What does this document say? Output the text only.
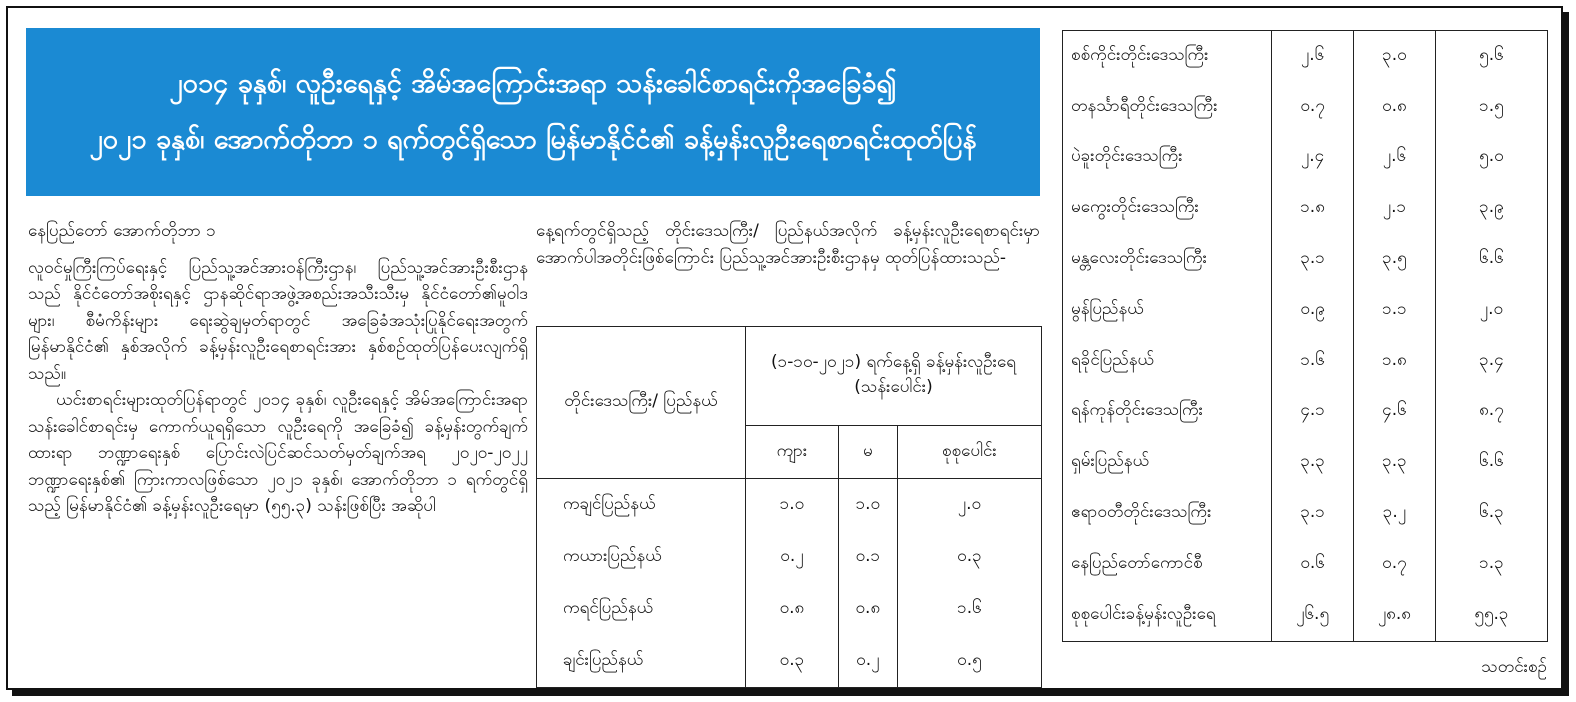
၂၀၁၄ ခုနှစ်၊ လူဦးရေနှင့် အိမ်အကြောင်းအရာ သန်းခေါင်စာရင်းကိုအခြေခံ၍
၂၀၂၁ ခုနှစ်၊ အောက်တိုဘာ ၁ ရက်တွင်ရှိသော မြန်မာနိုင်ငံ၏ ခန့်မှန်းလူဦးရေစာရင်းထုတ်ပြန်

နေပြည်တော် အောက်တိုဘာ ၁

လူဝင်မှုကြီးကြပ်ရေးနှင့် ပြည်သူ့အင်အားဝန်ကြီးဌာန၊ ပြည်သူ့အင်အားဦးစီးဌာနသည် နိုင်ငံတော်အစိုးရနှင့် ဌာနဆိုင်ရာအဖွဲ့အစည်းအသီးသီးမှ နိုင်ငံတော်၏မူဝါဒများ၊ စီမံကိန်းများ ရေးဆွဲချမှတ်ရာတွင် အခြေခံအသုံးပြုနိုင်ရေးအတွက် မြန်မာနိုင်ငံ၏ နှစ်အလိုက် ခန့်မှန်းလူဦးရေစာရင်းအား နှစ်စဉ်ထုတ်ပြန်ပေးလျက်ရှိသည်။

ယင်းစာရင်းများထုတ်ပြန်ရာတွင် ၂၀၁၄ ခုနှစ်၊ လူဦးရေနှင့် အိမ်အကြောင်းအရာသန်းခေါင်စာရင်းမှ ကောက်ယူရရှိသော လူဦးရေကို အခြေခံ၍ ခန့်မှန်းတွက်ချက်ထားရာ ဘဏ္ဍာရေးနှစ် ပြောင်းလဲပြင်ဆင်သတ်မှတ်ချက်အရ ၂၀၂၀-၂၀၂၂ ဘဏ္ဍာရေးနှစ်၏ ကြားကာလဖြစ်သော ၂၀၂၁ ခုနှစ်၊ အောက်တိုဘာ ၁ ရက်တွင်ရှိသည့် မြန်မာနိုင်ငံ၏ ခန့်မှန်းလူဦးရေမှာ (၅၅.၃) သန်းဖြစ်ပြီး အဆိုပါ

နေ့ရက်တွင်ရှိသည့် တိုင်းဒေသကြီး/ ပြည်နယ်အလိုက် ခန့်မှန်းလူဦးရေစာရင်းမှာ အောက်ပါအတိုင်းဖြစ်ကြောင်း ပြည်သူ့အင်အားဦးစီးဌာနမှ ထုတ်ပြန်ထားသည်-
တိုင်းဒေသကြီး/ ပြည်နယ်	(၁-၁၀-၂၀၂၁) ရက်နေ့ရှိ ခန့်မှန်းလူဦးရေ (သန်းပေါင်း)		
	ကျား	မ	စုစုပေါင်း
ကချင်ပြည်နယ်	၁.၀	၁.၀	၂.၀
ကယားပြည်နယ်	၀.၂	၀.၁	၀.၃
ကရင်ပြည်နယ်	၀.၈	၀.၈	၁.၆
ချင်းပြည်နယ်	၀.၃	၀.၂	၀.၅
စစ်ကိုင်းတိုင်းဒေသကြီး	၂.၆	၃.၀	၅.၆
တနင်္သာရီတိုင်းဒေသကြီး	၀.၇	၀.၈	၁.၅
ပဲခူးတိုင်းဒေသကြီး	၂.၄	၂.၆	၅.၀
မကွေးတိုင်းဒေသကြီး	၁.၈	၂.၁	၃.၉
မန္တလေးတိုင်းဒေသကြီး	၃.၁	၃.၅	၆.၆
မွန်ပြည်နယ်	၀.၉	၁.၁	၂.၀
ရခိုင်ပြည်နယ်	၁.၆	၁.၈	၃.၄
ရန်ကုန်တိုင်းဒေသကြီး	၄.၁	၄.၆	၈.၇
ရှမ်းပြည်နယ်	၃.၃	၃.၃	၆.၆
ဧရာဝတီတိုင်းဒေသကြီး	၃.၁	၃.၂	၆.၃
နေပြည်တော်ကောင်စီ	၀.၆	၀.၇	၁.၃
စုစုပေါင်းခန့်မှန်းလူဦးရေ	၂၆.၅	၂၈.၈	၅၅.၃
သတင်းစဉ်
